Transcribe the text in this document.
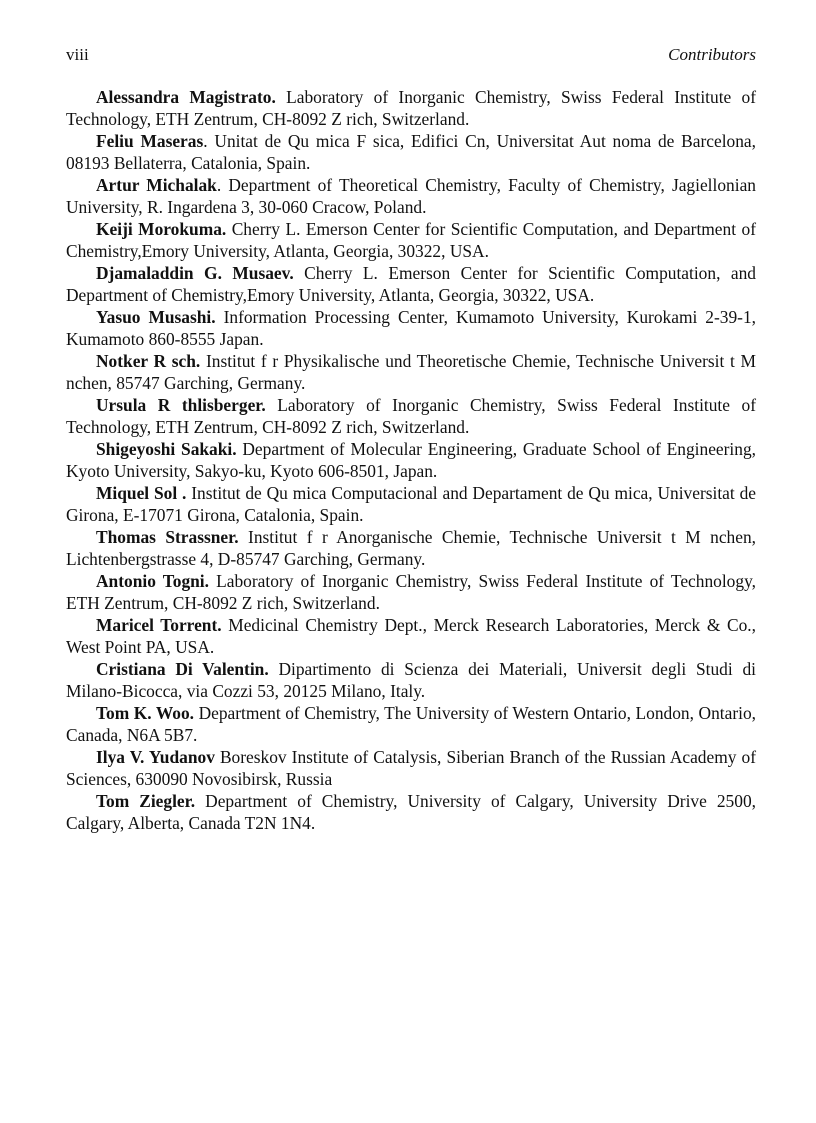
viii	Contributors

Alessandra Magistrato. Laboratory of Inorganic Chemistry, Swiss Federal Institute of Technology, ETH Zentrum, CH-8092 Z rich, Switzerland.

Feliu Maseras. Unitat de Qu mica F sica, Edifici Cn, Universitat Aut noma de Barcelona, 08193 Bellaterra, Catalonia, Spain.

Artur Michalak. Department of Theoretical Chemistry, Faculty of Chemistry, Jagiellonian University, R. Ingardena 3, 30-060 Cracow, Poland.

Keiji Morokuma. Cherry L. Emerson Center for Scientific Computation, and Department of Chemistry,Emory University, Atlanta, Georgia, 30322, USA.

Djamaladdin G. Musaev. Cherry L. Emerson Center for Scientific Computation, and Department of Chemistry,Emory University, Atlanta, Georgia, 30322, USA.

Yasuo Musashi. Information Processing Center, Kumamoto University, Kurokami 2-39-1, Kumamoto 860-8555 Japan.

Notker R sch. Institut f r Physikalische und Theoretische Chemie, Technische Universit t M nchen, 85747 Garching, Germany.

Ursula R thlisberger. Laboratory of Inorganic Chemistry, Swiss Federal Institute of Technology, ETH Zentrum, CH-8092 Z rich, Switzerland.

Shigeyoshi Sakaki. Department of Molecular Engineering, Graduate School of Engineering, Kyoto University, Sakyo-ku, Kyoto 606-8501, Japan.

Miquel Sol . Institut de Qu mica Computacional and Departament de Qu mica, Universitat de Girona, E-17071 Girona, Catalonia, Spain.

Thomas Strassner. Institut f r Anorganische Chemie, Technische Universit t M nchen, Lichtenbergstrasse 4, D-85747 Garching, Germany.

Antonio Togni. Laboratory of Inorganic Chemistry, Swiss Federal Institute of Technology, ETH Zentrum, CH-8092 Z rich, Switzerland.

Maricel Torrent. Medicinal Chemistry Dept., Merck Research Laboratories, Merck & Co., West Point PA, USA.

Cristiana Di Valentin. Dipartimento di Scienza dei Materiali, Universit degli Studi di Milano-Bicocca, via Cozzi 53, 20125 Milano, Italy.

Tom K. Woo. Department of Chemistry, The University of Western Ontario, London, Ontario, Canada, N6A 5B7.

Ilya V. Yudanov Boreskov Institute of Catalysis, Siberian Branch of the Russian Academy of Sciences, 630090 Novosibirsk, Russia

Tom Ziegler. Department of Chemistry, University of Calgary, University Drive 2500, Calgary, Alberta, Canada T2N 1N4.
